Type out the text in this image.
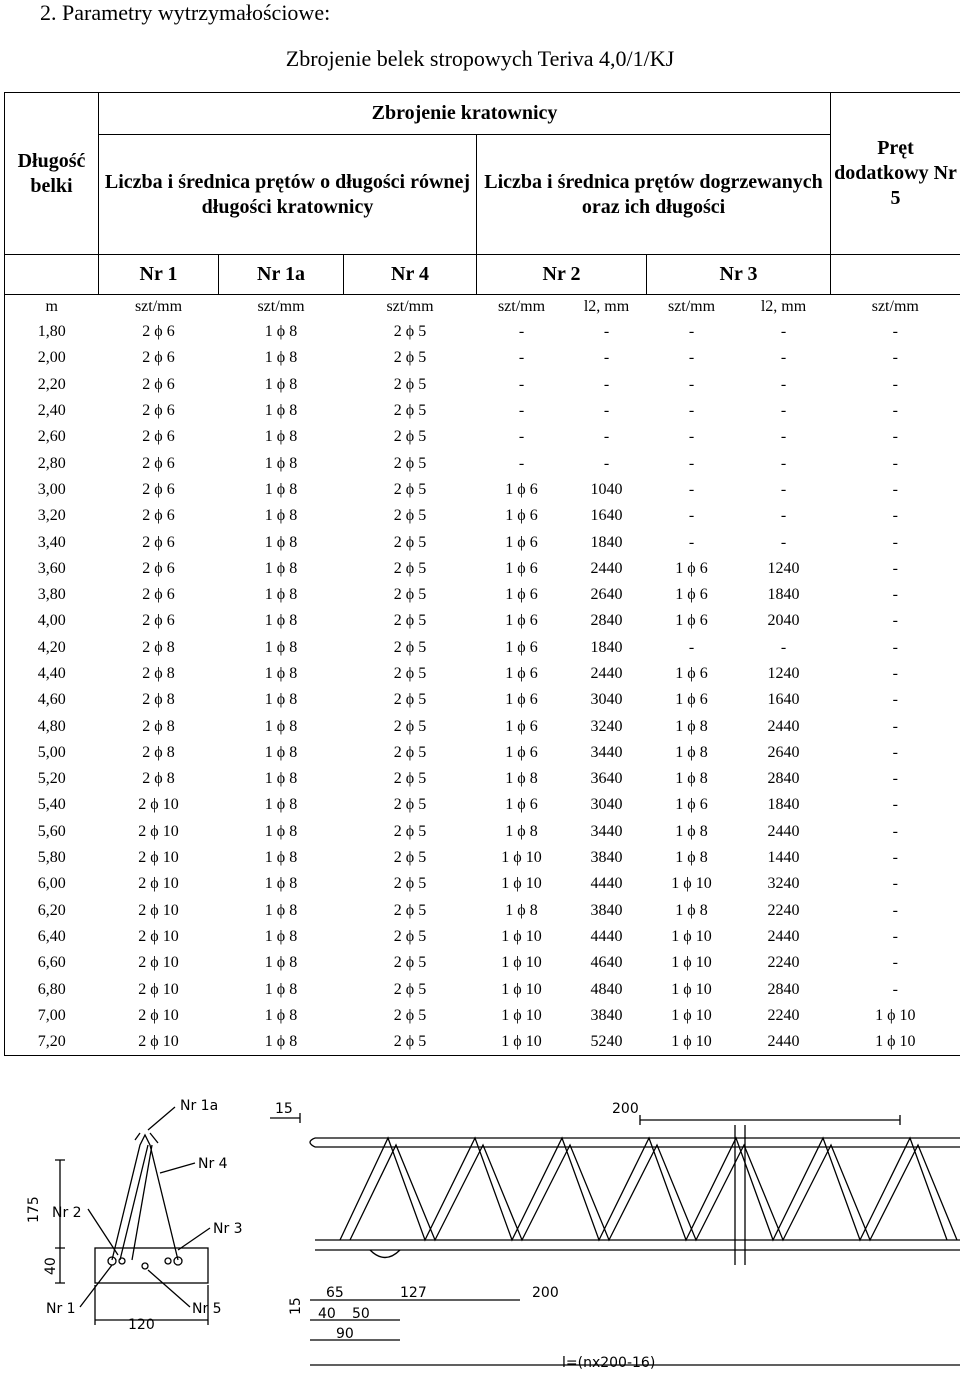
2. Parametry wytrzymałościowe:
Zbrojenie belek stropowych Teriva 4,0/1/KJ
Długość belki	Zbrojenie kratownicy							Pręt dodatkowy Nr 5
	Liczba i średnica prętów o długości równej długości kratownicy			Liczba i średnica prętów dogrzewanych oraz ich długości				
	Nr 1	Nr 1a	Nr 4	Nr 2		Nr 3		
m	szt/mm	szt/mm	szt/mm	szt/mm	l2, mm	szt/mm	l2, mm	szt/mm
1,80	2 ϕ 6	1 ϕ 8	2 ϕ 5	-	-	-	-	-
2,00	2 ϕ 6	1 ϕ 8	2 ϕ 5	-	-	-	-	-
2,20	2 ϕ 6	1 ϕ 8	2 ϕ 5	-	-	-	-	-
2,40	2 ϕ 6	1 ϕ 8	2 ϕ 5	-	-	-	-	-
2,60	2 ϕ 6	1 ϕ 8	2 ϕ 5	-	-	-	-	-
2,80	2 ϕ 6	1 ϕ 8	2 ϕ 5	-	-	-	-	-
3,00	2 ϕ 6	1 ϕ 8	2 ϕ 5	1 ϕ 6	1040	-	-	-
3,20	2 ϕ 6	1 ϕ 8	2 ϕ 5	1 ϕ 6	1640	-	-	-
3,40	2 ϕ 6	1 ϕ 8	2 ϕ 5	1 ϕ 6	1840	-	-	-
3,60	2 ϕ 6	1 ϕ 8	2 ϕ 5	1 ϕ 6	2440	1 ϕ 6	1240	-
3,80	2 ϕ 6	1 ϕ 8	2 ϕ 5	1 ϕ 6	2640	1 ϕ 6	1840	-
4,00	2 ϕ 6	1 ϕ 8	2 ϕ 5	1 ϕ 6	2840	1 ϕ 6	2040	-
4,20	2 ϕ 8	1 ϕ 8	2 ϕ 5	1 ϕ 6	1840	-	-	-
4,40	2 ϕ 8	1 ϕ 8	2 ϕ 5	1 ϕ 6	2440	1 ϕ 6	1240	-
4,60	2 ϕ 8	1 ϕ 8	2 ϕ 5	1 ϕ 6	3040	1 ϕ 6	1640	-
4,80	2 ϕ 8	1 ϕ 8	2 ϕ 5	1 ϕ 6	3240	1 ϕ 8	2440	-
5,00	2 ϕ 8	1 ϕ 8	2 ϕ 5	1 ϕ 6	3440	1 ϕ 8	2640	-
5,20	2 ϕ 8	1 ϕ 8	2 ϕ 5	1 ϕ 8	3640	1 ϕ 8	2840	-
5,40	2 ϕ 10	1 ϕ 8	2 ϕ 5	1 ϕ 6	3040	1 ϕ 6	1840	-
5,60	2 ϕ 10	1 ϕ 8	2 ϕ 5	1 ϕ 8	3440	1 ϕ 8	2440	-
5,80	2 ϕ 10	1 ϕ 8	2 ϕ 5	1 ϕ 10	3840	1 ϕ 8	1440	-
6,00	2 ϕ 10	1 ϕ 8	2 ϕ 5	1 ϕ 10	4440	1 ϕ 10	3240	-
6,20	2 ϕ 10	1 ϕ 8	2 ϕ 5	1 ϕ 8	3840	1 ϕ 8	2240	-
6,40	2 ϕ 10	1 ϕ 8	2 ϕ 5	1 ϕ 10	4440	1 ϕ 10	2440	-
6,60	2 ϕ 10	1 ϕ 8	2 ϕ 5	1 ϕ 10	4640	1 ϕ 10	2240	-
6,80	2 ϕ 10	1 ϕ 8	2 ϕ 5	1 ϕ 10	4840	1 ϕ 10	2840	-
7,00	2 ϕ 10	1 ϕ 8	2 ϕ 5	1 ϕ 10	3840	1 ϕ 10	2240	1 ϕ 10
7,20	2 ϕ 10	1 ϕ 8	2 ϕ 5	1 ϕ 10	5240	1 ϕ 10	2440	1 ϕ 10
Nr 1a
Nr 4
Nr 2
Nr 3
Nr 1	Nr 5
175
40
120
15	200
15
65	127	200
40 50
90
l=(nx200-16)
